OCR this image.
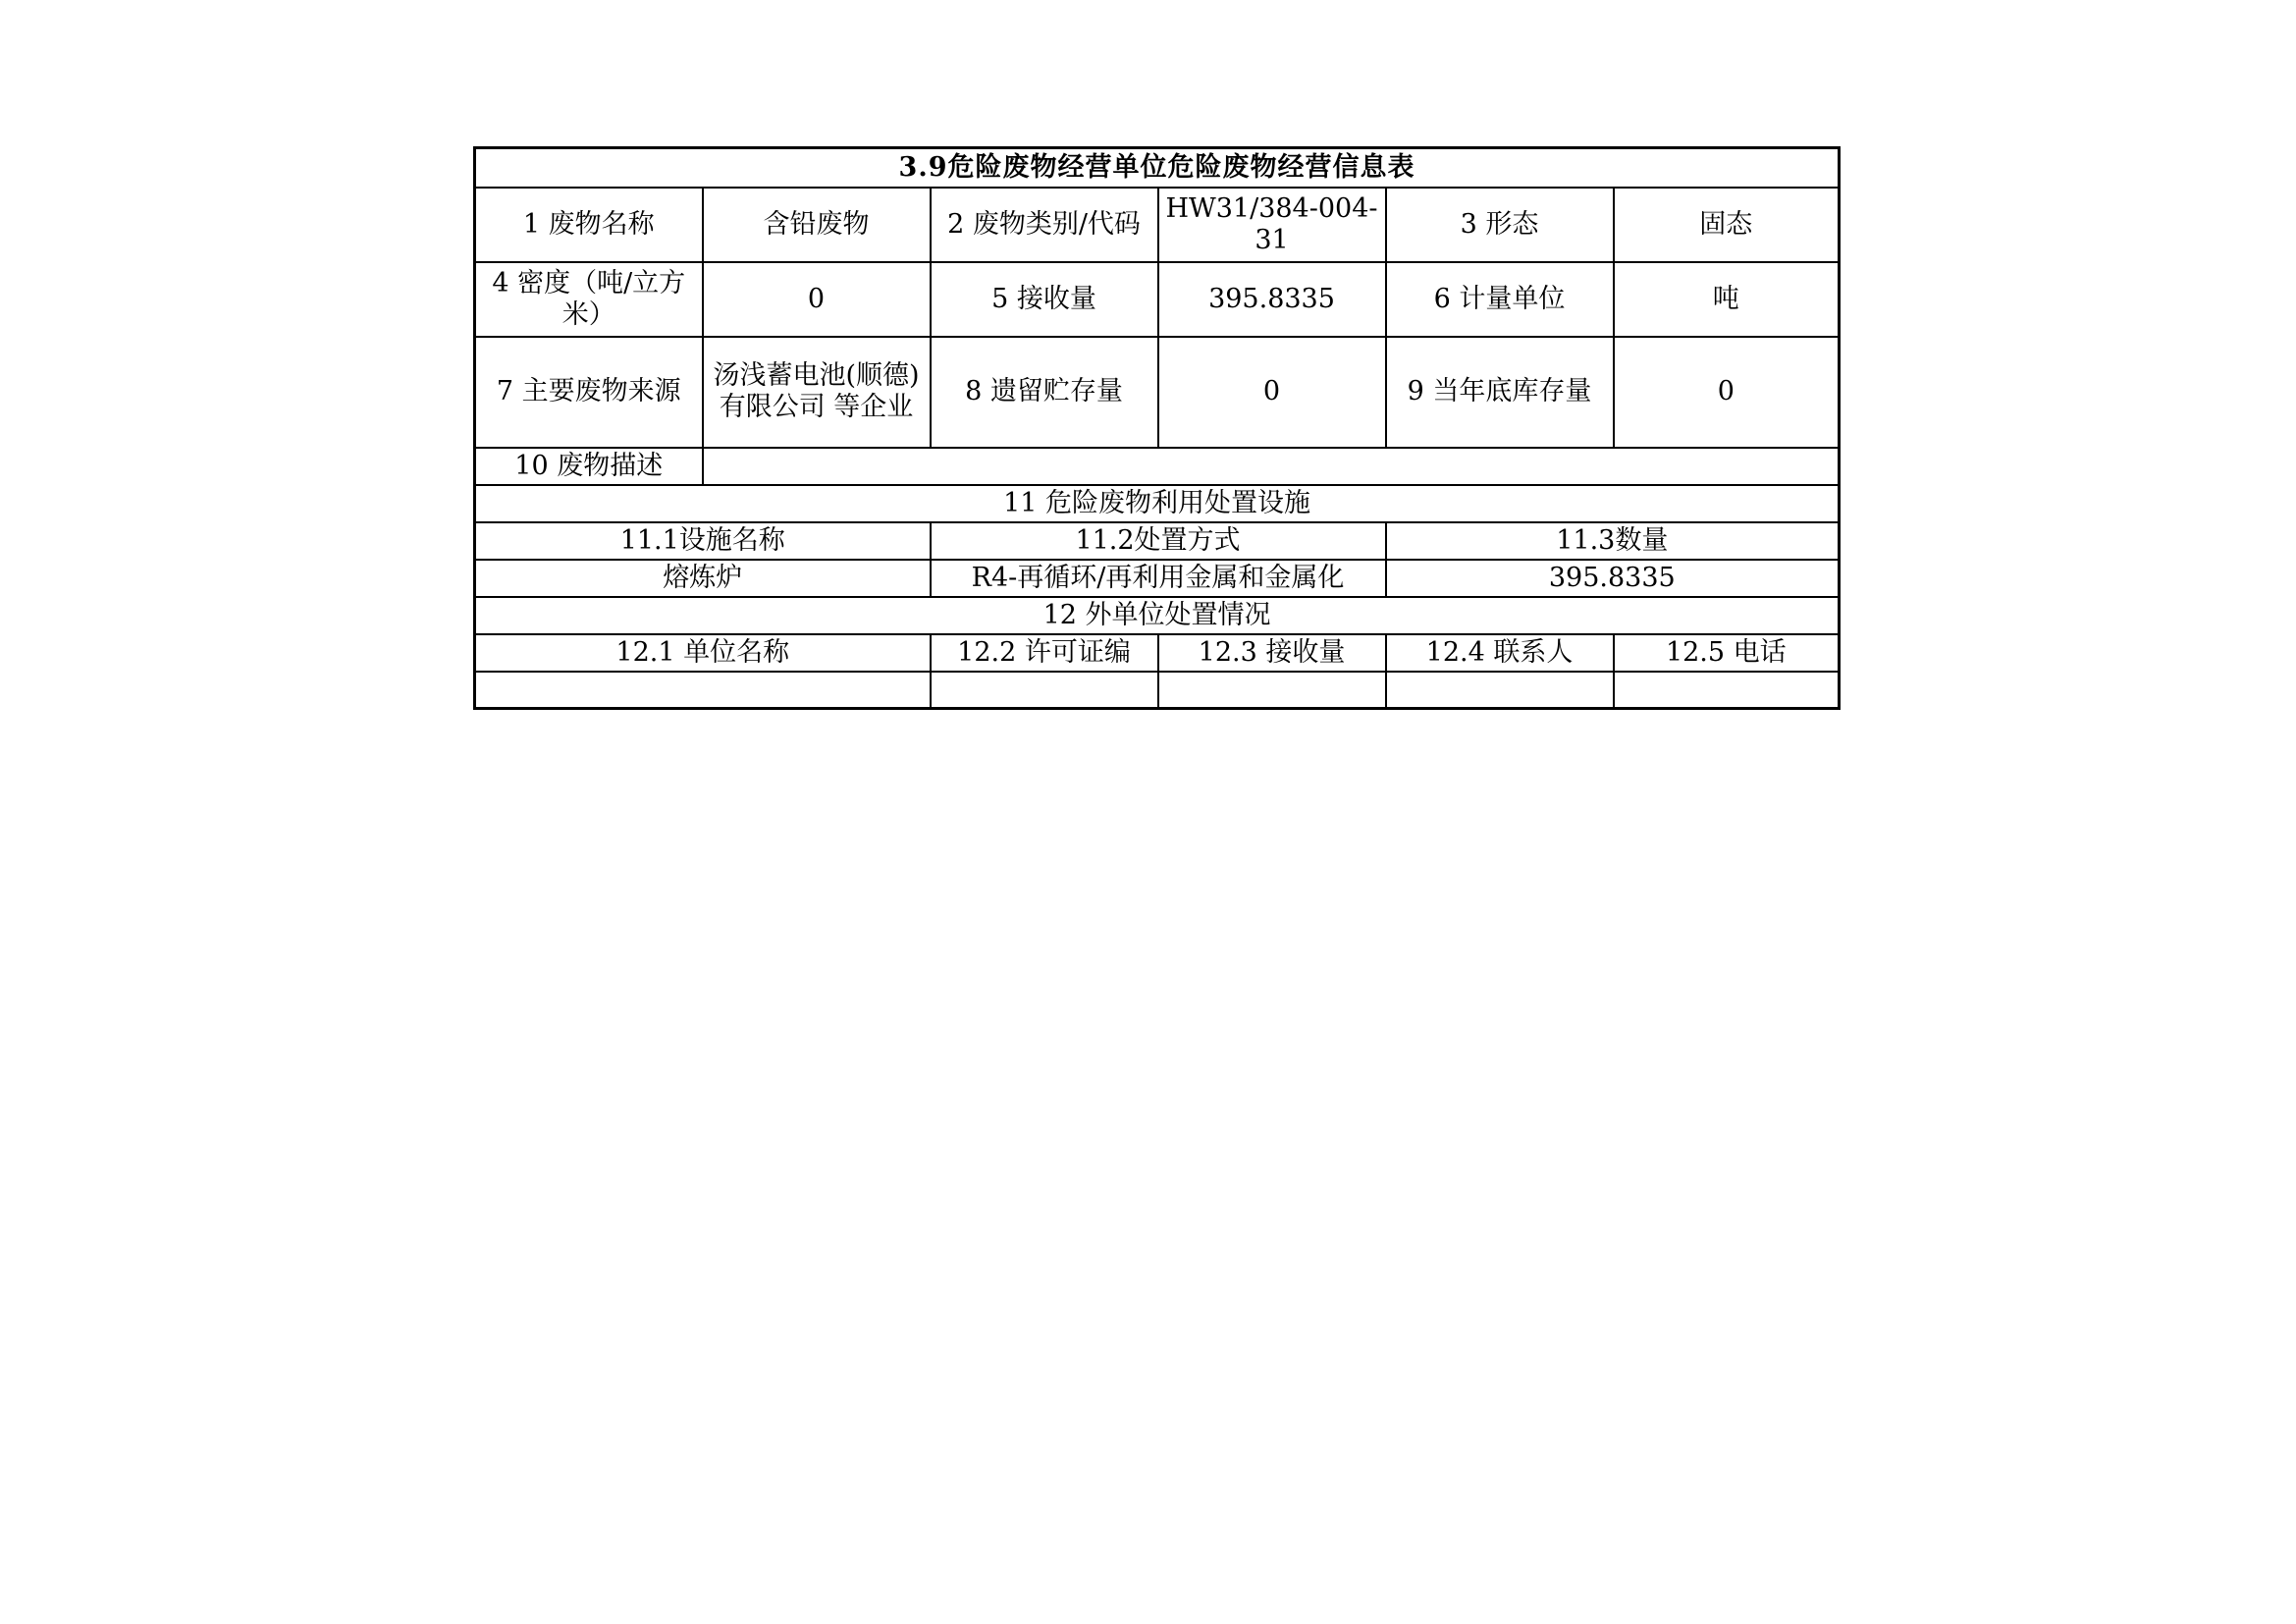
3.9危险废物经营单位危险废物经营信息表					
1 废物名称	含铅废物	2 废物类别/代码	HW31/384-004-31	3 形态	固态
4 密度（吨/立方米）	0	5 接收量	395.8335	6 计量单位	吨
7 主要废物来源	汤浅蓄电池(顺德)有限公司 等企业	8 遗留贮存量	0	9 当年底库存量	0
10 废物描述					
11 危险废物利用处置设施					
11.1设施名称		11.2处置方式		11.3数量	
熔炼炉		R4-再循环/再利用金属和金属化		395.8335	
12 外单位处置情况					
12.1 单位名称		12.2 许可证编	12.3 接收量	12.4 联系人	12.5 电话
